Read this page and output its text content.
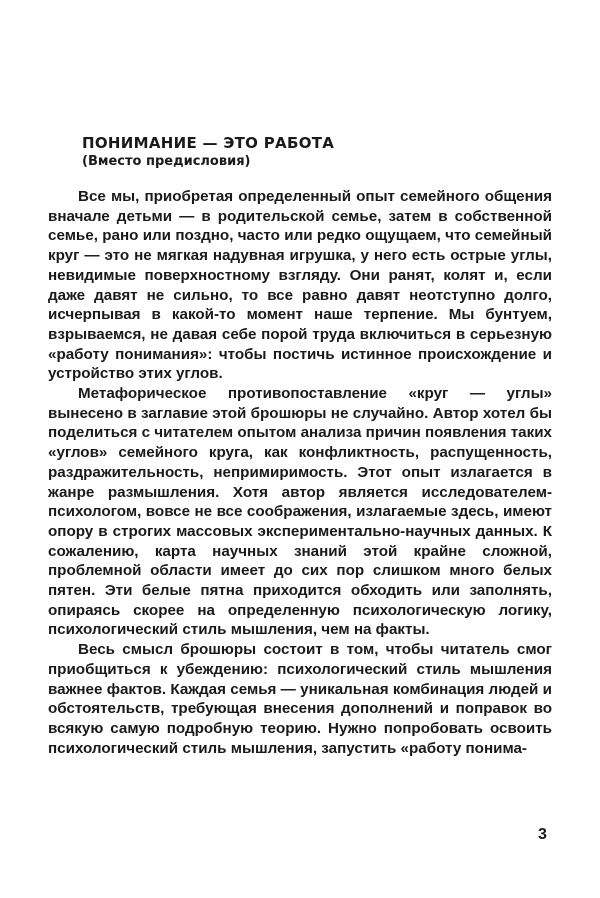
ПОНИМАНИЕ — ЭТО РАБОТА
(Вместо предисловия)

Все мы, приобретая определенный опыт семейного общения вначале детьми — в родительской семье, затем в собственной семье, рано или поздно, часто или редко ощущаем, что семейный круг — это не мягкая надувная игрушка, у него есть острые углы, невидимые поверхностному взгляду. Они ранят, колят и, если даже давят не сильно, то все равно давят неотступно долго, исчерпывая в какой-то момент наше терпение. Мы бунтуем, взрываемся, не давая себе порой труда включиться в серьезную «работу понимания»: чтобы постичь истинное происхождение и устройство этих углов.

Метафорическое противопоставление «круг — углы» вынесено в заглавие этой брошюры не случайно. Автор хотел бы поделиться с читателем опытом анализа причин появления таких «углов» семейного круга, как конфликтность, распущенность, раздражительность, непримиримость. Этот опыт излагается в жанре размышления. Хотя автор является исследователем-психологом, вовсе не все соображения, излагаемые здесь, имеют опору в строгих массовых экспериментально-научных данных. К сожалению, карта научных знаний этой крайне сложной, проблемной области имеет до сих пор слишком много белых пятен. Эти белые пятна приходится обходить или заполнять, опираясь скорее на определенную психологическую логику, психологический стиль мышления, чем на факты.

Весь смысл брошюры состоит в том, чтобы читатель смог приобщиться к убеждению: психологический стиль мышления важнее фактов. Каждая семья — уникальная комбинация людей и обстоятельств, требующая внесения дополнений и поправок во всякую самую подробную теорию. Нужно попробовать освоить психологический стиль мышления, запустить «работу понима-

3
